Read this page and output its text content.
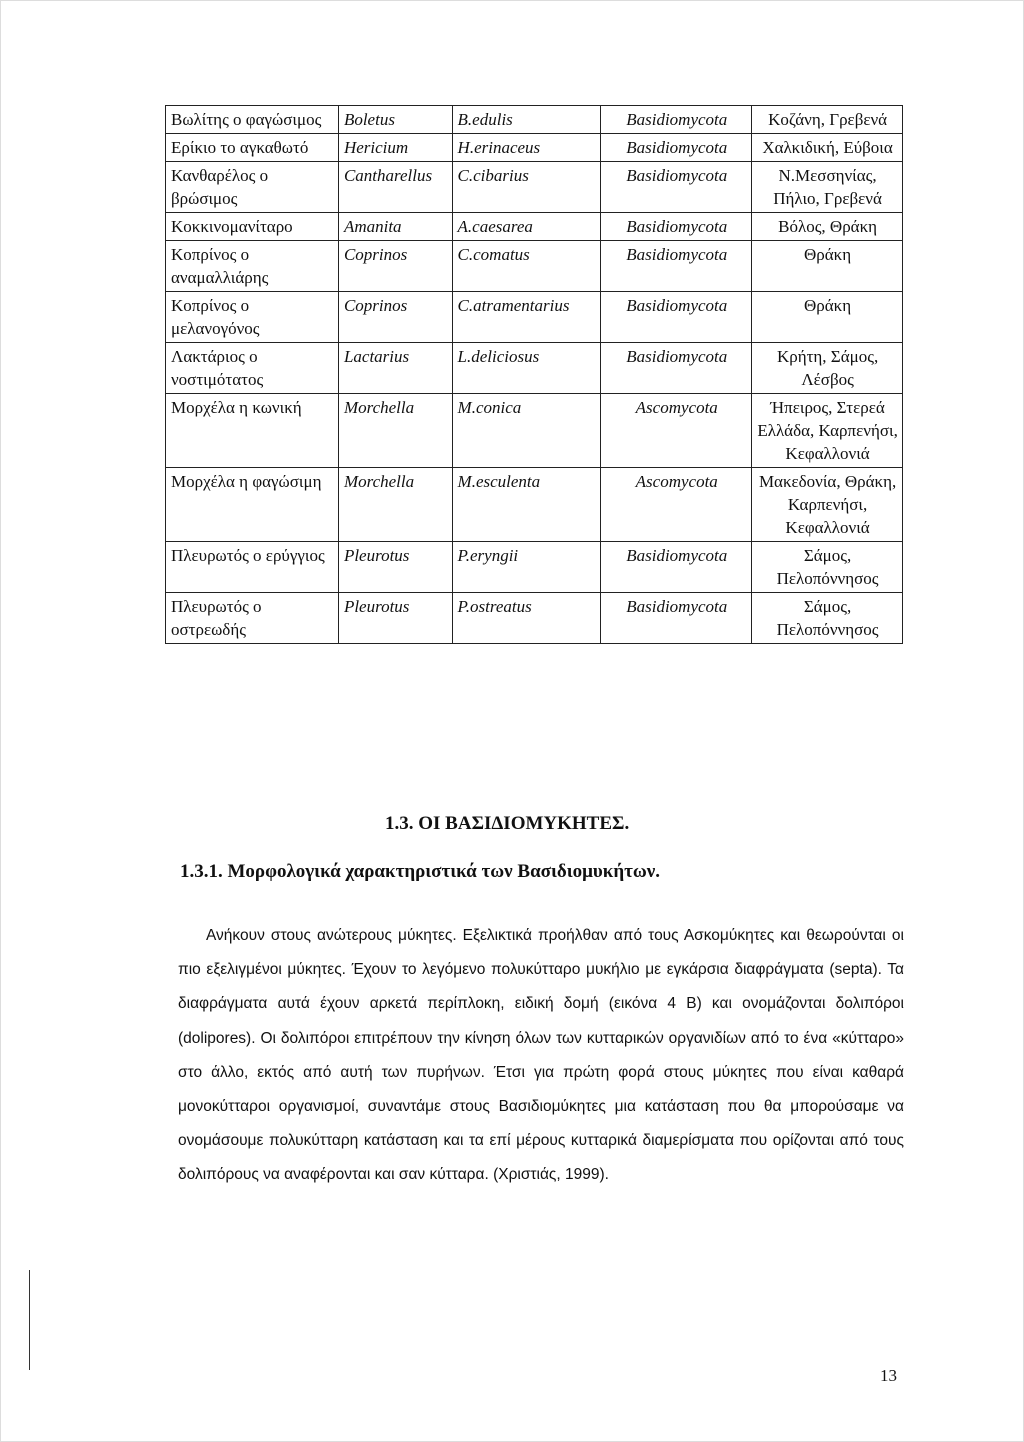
Βωλίτης ο φαγώσιμος	Boletus	B.edulis	Basidiomycota	Κοζάνη, Γρεβενά
Ερίκιο το αγκαθωτό	Hericium	H.erinaceus	Basidiomycota	Χαλκιδική, Εύβοια
Κανθαρέλος ο βρώσιμος	Cantharellus	C.cibarius	Basidiomycota	Ν.Μεσσηνίας, Πήλιο, Γρεβενά
Κοκκινομανίταρο	Amanita	A.caesarea	Basidiomycota	Βόλος, Θράκη
Κοπρίνος ο αναμαλλιάρης	Coprinos	C.comatus	Basidiomycota	Θράκη
Κοπρίνος ο μελανογόνος	Coprinos	C.atramentarius	Basidiomycota	Θράκη
Λακτάριος ο νοστιμότατος	Lactarius	L.deliciosus	Basidiomycota	Κρήτη, Σάμος, Λέσβος
Μορχέλα η κωνική	Morchella	M.conica	Ascomycota	Ήπειρος, Στερεά Ελλάδα, Καρπενήσι, Κεφαλλονιά
Μορχέλα η φαγώσιμη	Morchella	M.esculenta	Ascomycota	Μακεδονία, Θράκη, Καρπενήσι, Κεφαλλονιά
Πλευρωτός ο ερύγγιος	Pleurotus	P.eryngii	Basidiomycota	Σάμος, Πελοπόννησος
Πλευρωτός ο οστρεωδής	Pleurotus	P.ostreatus	Basidiomycota	Σάμος, Πελοπόννησος
1.3. ΟΙ ΒΑΣΙΔΙΟΜΥΚΗΤΕΣ.
1.3.1. Μορφολογικά χαρακτηριστικά των Βασιδιομυκήτων.

Ανήκουν στους ανώτερους μύκητες. Εξελικτικά προήλθαν από τους Ασκομύκητες και θεωρούνται οι πιο εξελιγμένοι μύκητες. Έχουν το λεγόμενο πολυκύτταρο μυκήλιο με εγκάρσια διαφράγματα (septa). Τα διαφράγματα αυτά έχουν αρκετά περίπλοκη, ειδική δομή (εικόνα 4 Β) και ονομάζονται δολιπόροι (dolipores). Οι δολιπόροι επιτρέπουν την κίνηση όλων των κυτταρικών οργανιδίων από το ένα «κύτταρο» στο άλλο, εκτός από αυτή των πυρήνων. Έτσι για πρώτη φορά στους μύκητες που είναι καθαρά μονοκύτταροι οργανισμοί, συναντάμε στους Βασιδιομύκητες μια κατάσταση που θα μπορούσαμε να ονομάσουμε πολυκύτταρη κατάσταση και τα επί μέρους κυτταρικά διαμερίσματα που ορίζονται από τους δολιπόρους να αναφέρονται και σαν κύτταρα. (Χριστιάς, 1999).

13
